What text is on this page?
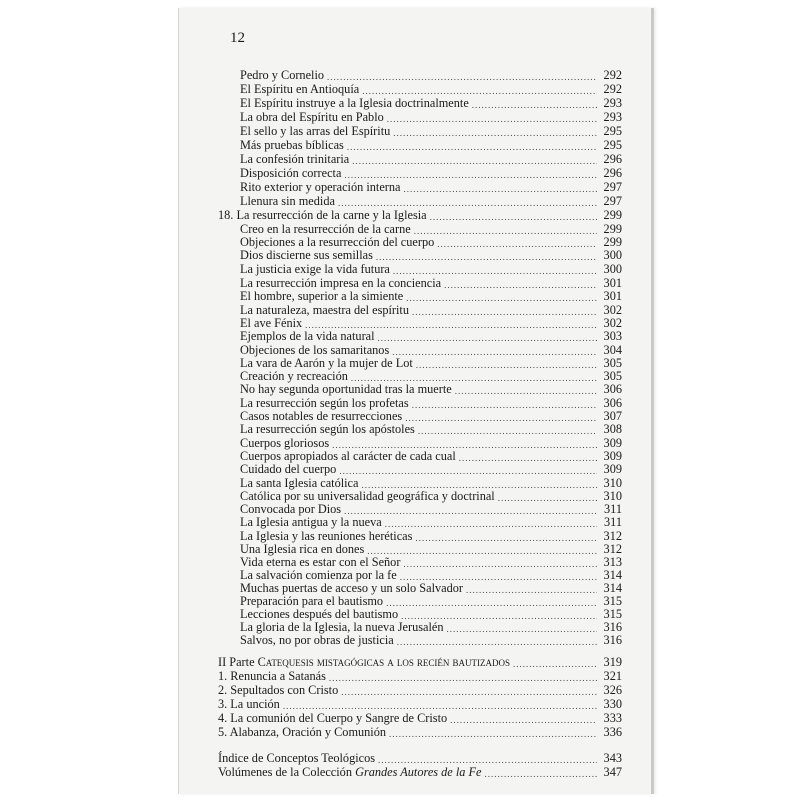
12
Pedro y Cornelio .....	292
El Espíritu en Antioquía .....	292
El Espíritu instruye a la Iglesia doctrinalmente .....	293
La obra del Espíritu en Pablo .....	293
El sello y las arras del Espíritu .....	295
Más pruebas bíblicas .....	295
La confesión trinitaria .....	296
Disposición correcta .....	296
Rito exterior y operación interna .....	297
Llenura sin medida .....	297
18. La resurrección de la carne y la Iglesia .....	299
Creo en la resurrección de la carne .....	299
Objeciones a la resurrección del cuerpo .....	299
Dios discierne sus semillas .....	300
La justicia exige la vida futura .....	300
La resurrección impresa en la conciencia .....	301
El hombre, superior a la simiente .....	301
La naturaleza, maestra del espíritu .....	302
El ave Fénix .....	302
Ejemplos de la vida natural .....	303
Objeciones de los samaritanos .....	304
La vara de Aarón y la mujer de Lot .....	305
Creación y recreación .....	305
No hay segunda oportunidad tras la muerte .....	306
La resurrección según los profetas .....	306
Casos notables de resurrecciones .....	307
La resurrección según los apóstoles .....	308
Cuerpos gloriosos .....	309
Cuerpos apropiados al carácter de cada cual .....	309
Cuidado del cuerpo .....	309
La santa Iglesia católica .....	310
Católica por su universalidad geográfica y doctrinal .....	310
Convocada por Dios .....	311
La Iglesia antigua y la nueva .....	311
La Iglesia y las reuniones heréticas .....	312
Una Iglesia rica en dones .....	312
Vida eterna es estar con el Señor .....	313
La salvación comienza por la fe .....	314
Muchas puertas de acceso y un solo Salvador .....	314
Preparación para el bautismo .....	315
Lecciones después del bautismo .....	315
La gloria de la Iglesia, la nueva Jerusalén .....	316
Salvos, no por obras de justicia .....	316
II Parte Catequesis mistagógicas a los recién bautizados .....	319
1. Renuncia a Satanás .....	321
2. Sepultados con Cristo .....	326
3. La unción .....	330
4. La comunión del Cuerpo y Sangre de Cristo .....	333
5. Alabanza, Oración y Comunión .....	336
Índice de Conceptos Teológicos .....	343
Volúmenes de la Colección Grandes Autores de la Fe .....	347
